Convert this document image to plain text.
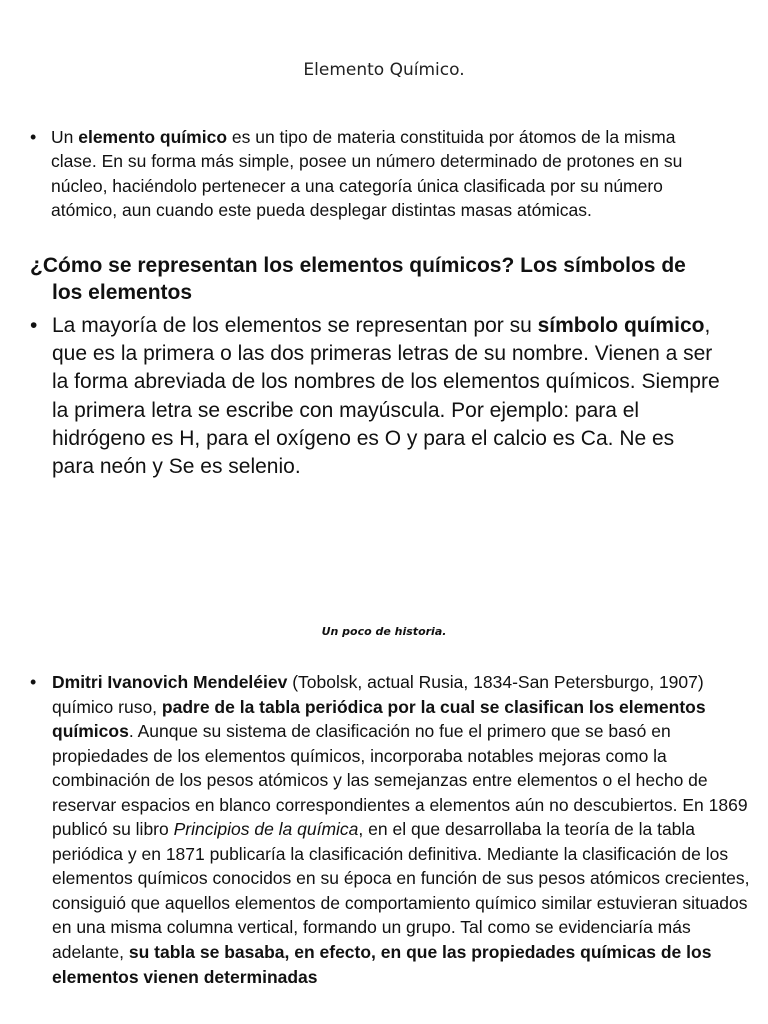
Elemento Químico.
• Un elemento químico es un tipo de materia constituida por átomos de la misma clase. En su forma más simple, posee un número determinado de protones en su núcleo, haciéndolo pertenecer a una categoría única clasificada por su número atómico, aun cuando este pueda desplegar distintas masas atómicas.
¿Cómo se representan los elementos químicos? Los símbolos de los elementos
• La mayoría de los elementos se representan por su símbolo químico, que es la primera o las dos primeras letras de su nombre. Vienen a ser la forma abreviada de los nombres de los elementos químicos. Siempre la primera letra se escribe con mayúscula. Por ejemplo: para el hidrógeno es H, para el oxígeno es O y para el calcio es Ca. Ne es para neón y Se es selenio.
Un poco de historia.
• Dmitri Ivanovich Mendeléiev (Tobolsk, actual Rusia, 1834-San Petersburgo, 1907) químico ruso, padre de la tabla periódica por la cual se clasifican los elementos químicos. Aunque su sistema de clasificación no fue el primero que se basó en propiedades de los elementos químicos, incorporaba notables mejoras como la combinación de los pesos atómicos y las semejanzas entre elementos o el hecho de reservar espacios en blanco correspondientes a elementos aún no descubiertos. En 1869 publicó su libro Principios de la química, en el que desarrollaba la teoría de la tabla periódica y en 1871 publicaría la clasificación definitiva. Mediante la clasificación de los elementos químicos conocidos en su época en función de sus pesos atómicos crecientes, consiguió que aquellos elementos de comportamiento químico similar estuvieran situados en una misma columna vertical, formando un grupo. Tal como se evidenciaría más adelante, su tabla se basaba, en efecto, en que las propiedades químicas de los elementos vienen determinadas
